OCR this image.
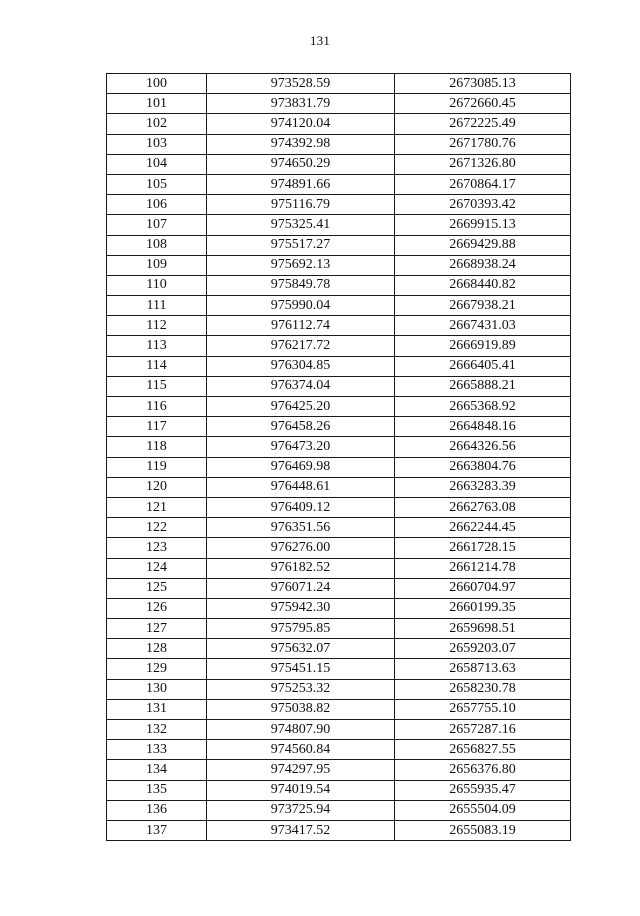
131
100	973528.59	2673085.13
101	973831.79	2672660.45
102	974120.04	2672225.49
103	974392.98	2671780.76
104	974650.29	2671326.80
105	974891.66	2670864.17
106	975116.79	2670393.42
107	975325.41	2669915.13
108	975517.27	2669429.88
109	975692.13	2668938.24
110	975849.78	2668440.82
111	975990.04	2667938.21
112	976112.74	2667431.03
113	976217.72	2666919.89
114	976304.85	2666405.41
115	976374.04	2665888.21
116	976425.20	2665368.92
117	976458.26	2664848.16
118	976473.20	2664326.56
119	976469.98	2663804.76
120	976448.61	2663283.39
121	976409.12	2662763.08
122	976351.56	2662244.45
123	976276.00	2661728.15
124	976182.52	2661214.78
125	976071.24	2660704.97
126	975942.30	2660199.35
127	975795.85	2659698.51
128	975632.07	2659203.07
129	975451.15	2658713.63
130	975253.32	2658230.78
131	975038.82	2657755.10
132	974807.90	2657287.16
133	974560.84	2656827.55
134	974297.95	2656376.80
135	974019.54	2655935.47
136	973725.94	2655504.09
137	973417.52	2655083.19
